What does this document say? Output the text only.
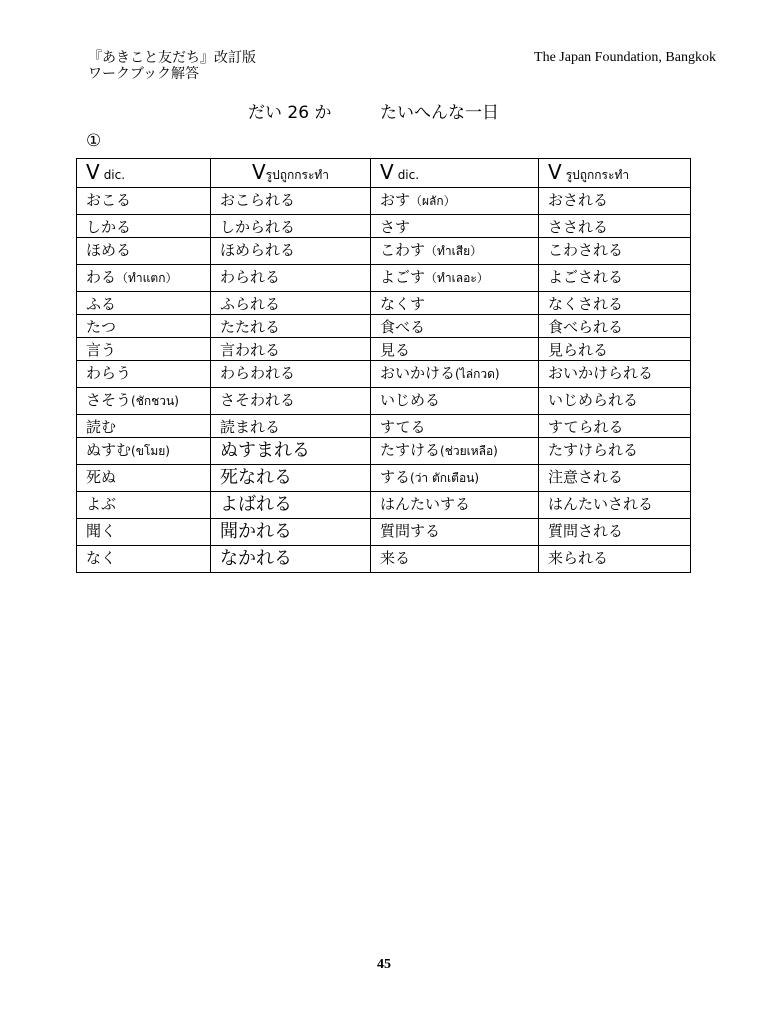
『あきこと友だち』改訂版
ワークブック解答
The Japan Foundation, Bangkok
だい 26 か	たいへんな一日
①
V dic.	Vรูปถูกกระทำ	V dic.	V รูปถูกกระทำ
おこる	おこられる	おす（ผลัก）	おされる
しかる	しかられる	さす	さされる
ほめる	ほめられる	こわす（ทำเสีย）	こわされる
わる（ทำแตก）	わられる	よごす（ทำเลอะ）	よごされる
ふる	ふられる	なくす	なくされる
たつ	たたれる	食べる	食べられる
言う	言われる	見る	見られる
わらう	わらわれる	おいかける(ไล่กวด)	おいかけられる
さそう(ชักชวน)	さそわれる	いじめる	いじめられる
読む	読まれる	すてる	すてられる
ぬすむ(ขโมย)	ぬすまれる	たすける(ช่วยเหลือ)	たすけられる
死ぬ	死なれる	する(ว่า ตักเตือน)	注意される
よぶ	よばれる	はんたいする	はんたいされる
聞く	聞かれる	質問する	質問される
なく	なかれる	来る	来られる
45
